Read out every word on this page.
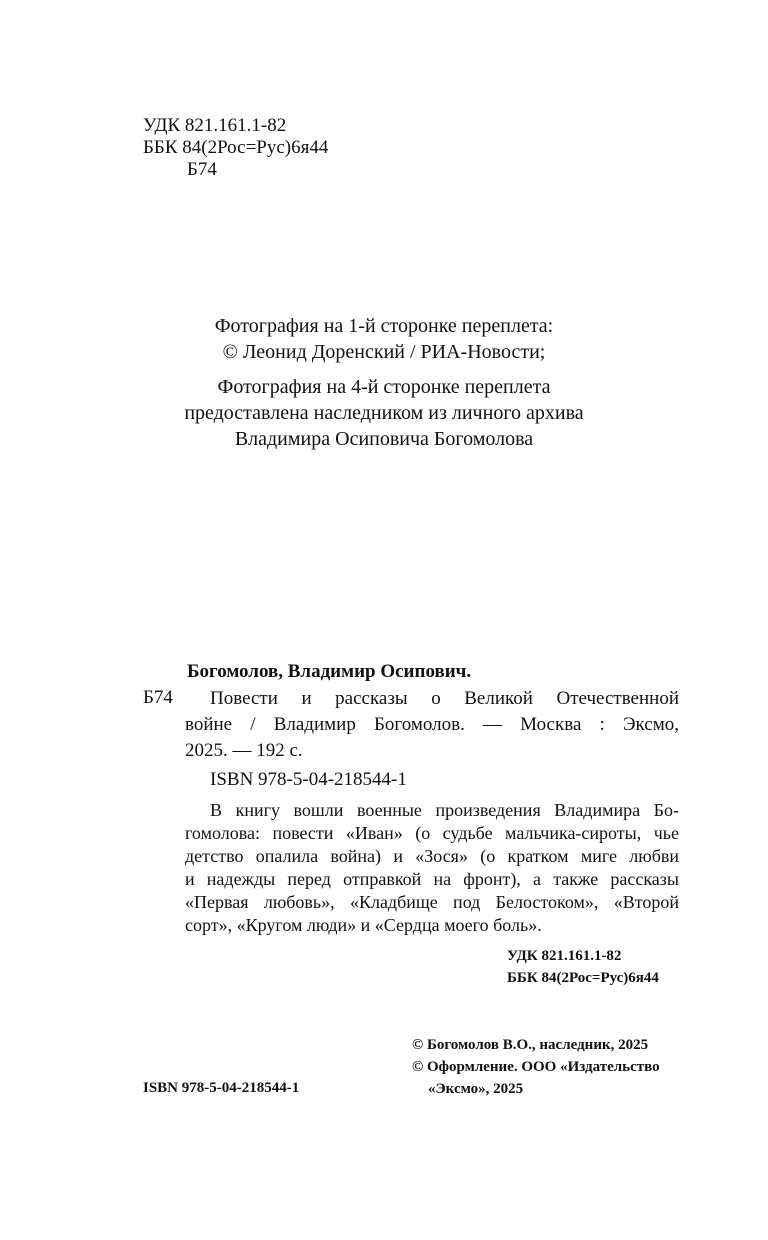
УДК 821.161.1-82
ББК 84(2Рос=Рус)6я44
Б74
Фотография на 1-й сторонке переплета:
© Леонид Доренский / РИА-Новости;
Фотография на 4-й сторонке переплета
предоставлена наследником из личного архива
Владимира Осиповича Богомолова
Богомолов, Владимир Осипович.
Б74 Повести и рассказы о Великой Отечественной
войне / Владимир Богомолов. — Москва : Эксмо,
2025. — 192 с.
ISBN 978-5-04-218544-1
В книгу вошли военные произведения Владимира Бо-
гомолова: повести «Иван» (о судьбе мальчика-сироты, чье
детство опалила война) и «Зося» (о кратком миге любви
и надежды перед отправкой на фронт), а также рассказы
«Первая любовь», «Кладбище под Белостоком», «Второй
сорт», «Кругом люди» и «Сердца моего боль».
УДК 821.161.1-82
ББК 84(2Рос=Рус)6я44
ISBN 978-5-04-218544-1
© Богомолов В.О., наследник, 2025
© Оформление. ООО «Издательство
«Эксмо», 2025
